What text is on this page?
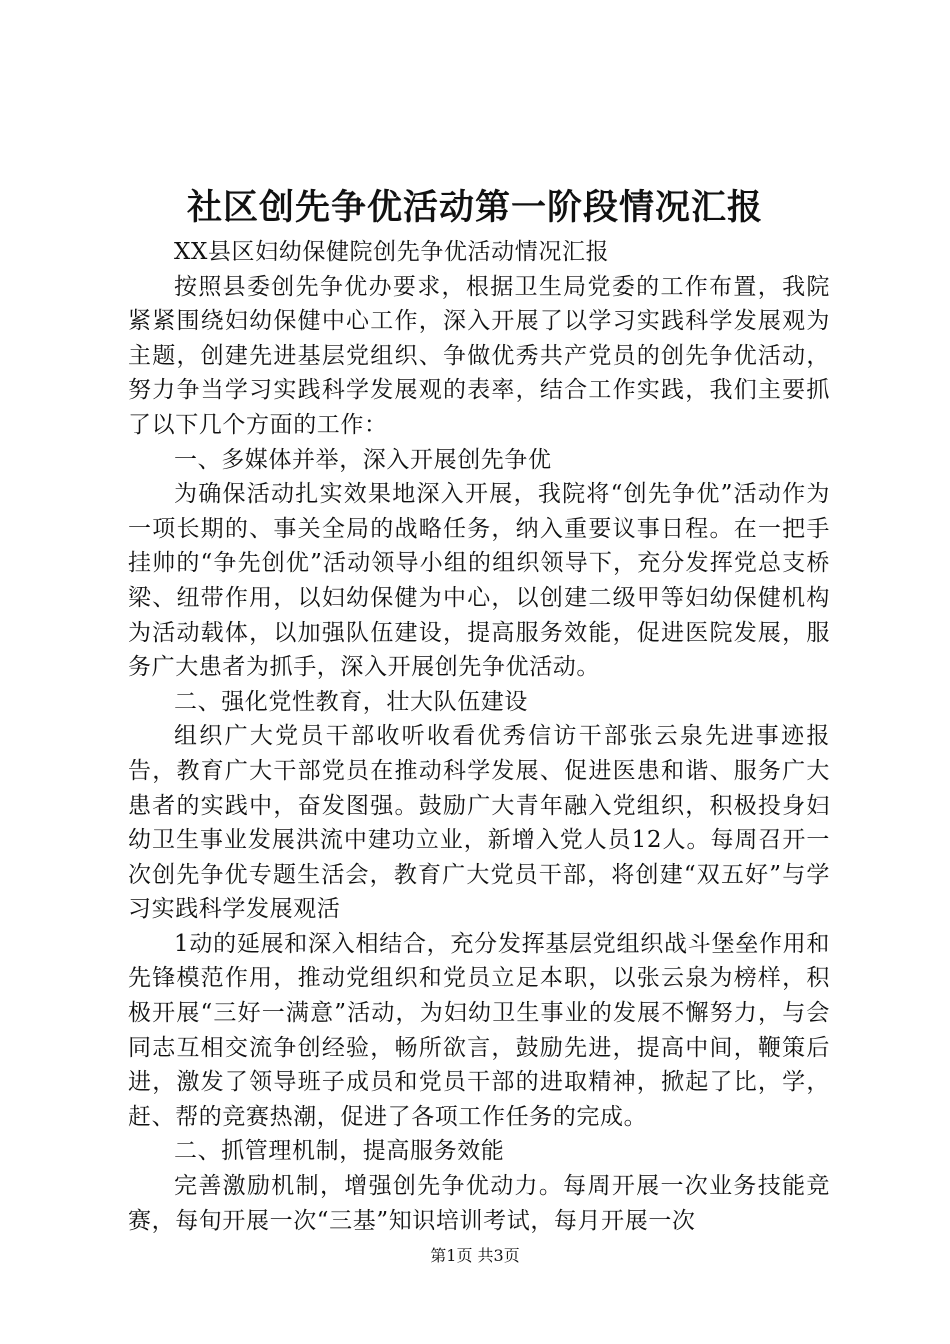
社区创先争优活动第一阶段情况汇报

XX县区妇幼保健院创先争优活动情况汇报

按照县委创先争优办要求，根据卫生局党委的工作布置，我院紧紧围绕妇幼保健中心工作，深入开展了以学习实践科学发展观为主题，创建先进基层党组织、争做优秀共产党员的创先争优活动，努力争当学习实践科学发展观的表率，结合工作实践，我们主要抓了以下几个方面的工作：

一、多媒体并举，深入开展创先争优

为确保活动扎实效果地深入开展，我院将“创先争优”活动作为一项长期的、事关全局的战略任务，纳入重要议事日程。在一把手挂帅的“争先创优”活动领导小组的组织领导下，充分发挥党总支桥梁、纽带作用，以妇幼保健为中心，以创建二级甲等妇幼保健机构为活动载体，以加强队伍建设，提高服务效能，促进医院发展，服务广大患者为抓手，深入开展创先争优活动。

二、强化党性教育，壮大队伍建设

组织广大党员干部收听收看优秀信访干部张云泉先进事迹报告，教育广大干部党员在推动科学发展、促进医患和谐、服务广大患者的实践中，奋发图强。鼓励广大青年融入党组织，积极投身妇幼卫生事业发展洪流中建功立业，新增入党人员12人。每周召开一次创先争优专题生活会，教育广大党员干部，将创建“双五好”与学习实践科学发展观活

1动的延展和深入相结合，充分发挥基层党组织战斗堡垒作用和先锋模范作用，推动党组织和党员立足本职，以张云泉为榜样，积极开展“三好一满意”活动，为妇幼卫生事业的发展不懈努力，与会同志互相交流争创经验，畅所欲言，鼓励先进，提高中间，鞭策后进，激发了领导班子成员和党员干部的进取精神，掀起了比，学，赶、帮的竞赛热潮，促进了各项工作任务的完成。

二、抓管理机制，提高服务效能

完善激励机制，增强创先争优动力。每周开展一次业务技能竞赛，每旬开展一次“三基”知识培训考试，每月开展一次

第1页 共3页
